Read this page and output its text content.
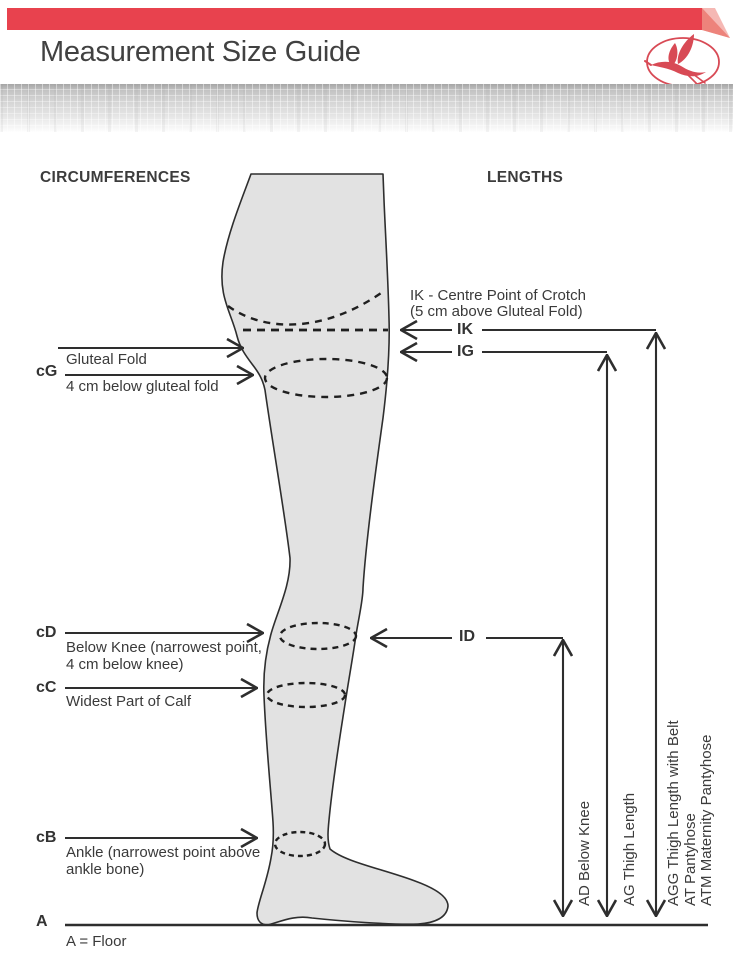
Measurement Size Guide
CIRCUMFERENCES	LENGTHS
Gluteal Fold
cG
4 cm below gluteal fold
cD
Below Knee (narrowest point, 4 cm below knee)
cC
Widest Part of Calf
cB
Ankle (narrowest point above ankle bone)
A
A = Floor
IK - Centre Point of Crotch
(5 cm above Gluteal Fold)
IK
IG
ID
AD Below Knee AG Thigh Length AGG Thigh Length with Belt AT Pantyhose ATM Maternity Pantyhose
